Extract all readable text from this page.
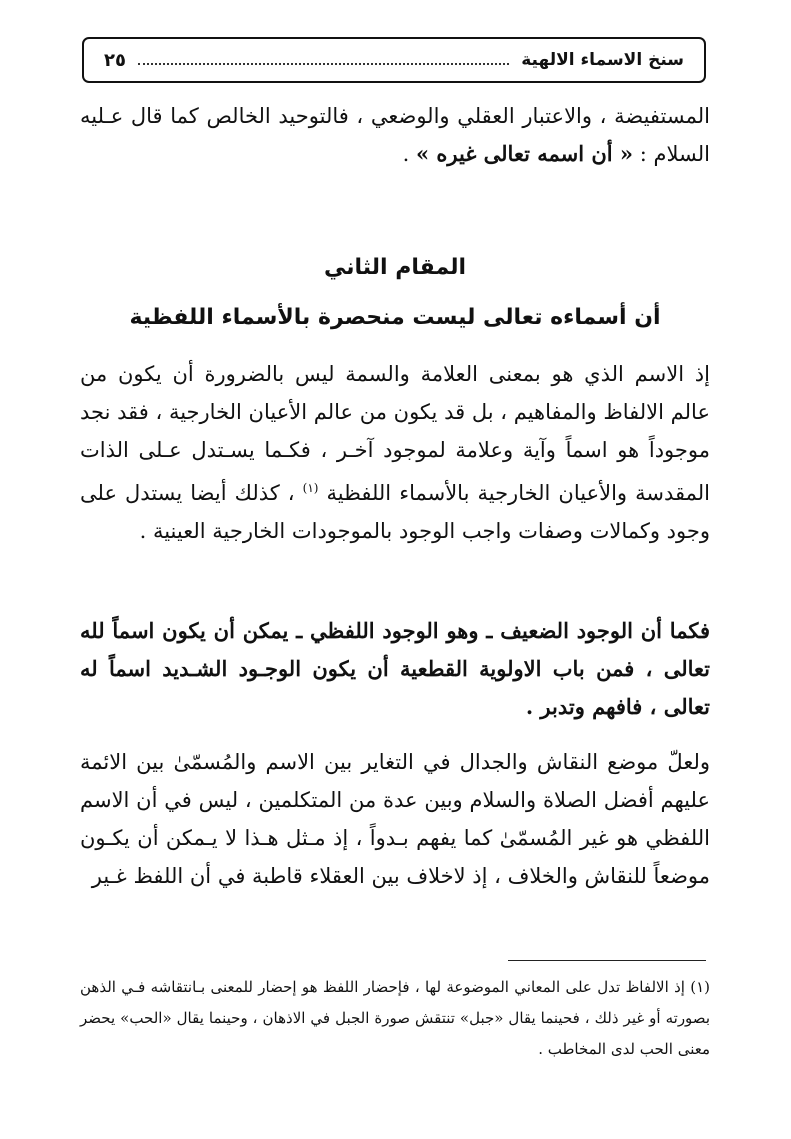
سنخ الاسماء الالهية
٢٥
المستفيضة ، والاعتبار العقلي والوضعي ، فالتوحيد الخالص كما قال عـليه السلام : « أن اسمه تعالى غيره » .
المقام الثاني
أن أسماءه تعالى ليست منحصرة بالأسماء اللفظية
إذ الاسم الذي هو بمعنى العلامة والسمة ليس بالضرورة أن يكون من عالم الالفاظ والمفاهيم ، بل قد يكون من عالم الأعيان الخارجية ، فقد نجد موجوداً هو اسماً وآية وعلامة لموجود آخـر ، فكـما يسـتدل عـلى الذات المقدسة والأعيان الخارجية بالأسماء اللفظية $^{(١)}$ ، كذلك أيضا يستدل على وجود وكمالات وصفات واجب الوجود بالموجودات الخارجية العينية .
فكما أن الوجود الضعيف ـ وهو الوجود اللفظي ـ يمكن أن يكون اسماً لله تعالى ، فمن باب الاولوية القطعية أن يكون الوجـود الشـديد اسماً له تعالى ، فافهم وتدبر .
ولعلّ موضع النقاش والجدال في التغاير بين الاسم والمُسمّىٰ بين الائمة عليهم أفضل الصلاة والسلام وبين عدة من المتكلمين ، ليس في أن الاسم اللفظي هو غير المُسمّىٰ كما يفهم بـدواً ، إذ مـثل هـذا لا يـمكن أن يكـون موضعاً للنقاش والخلاف ، إذ لاخلاف بين العقلاء قاطبة في أن اللفظ غـير
(١) إذ الالفاظ تدل على المعاني الموضوعة لها ، فإحضار اللفظ هو إحضار للمعنى بـانتقاشه فـي الذهن بصورته أو غير ذلك ، فحينما يقال «جبل» تنتقش صورة الجبل في الاذهان ، وحينما يقال «الحب» يحضر معنى الحب لدى المخاطب .
